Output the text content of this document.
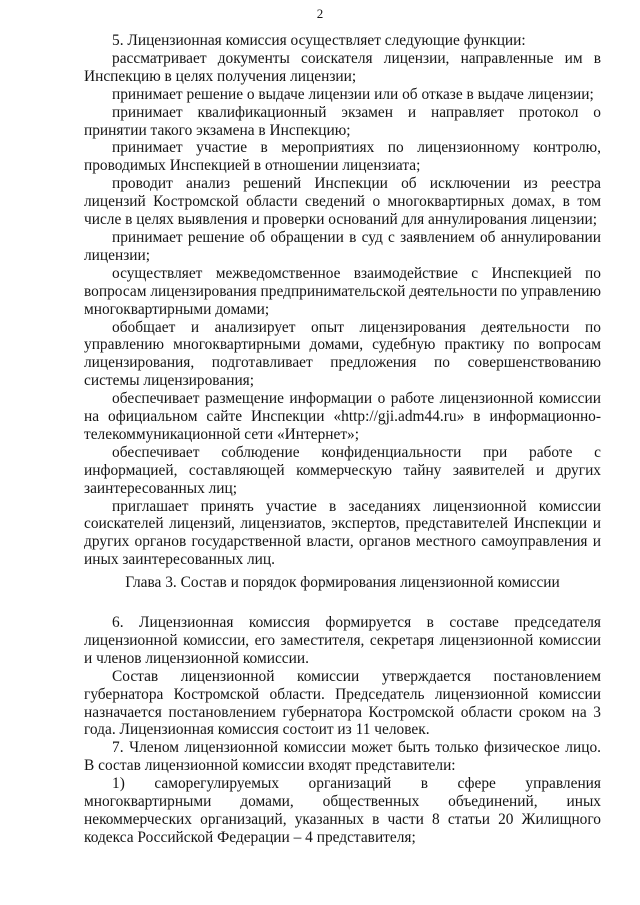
2

5. Лицензионная комиссия осуществляет следующие функции:

рассматривает документы соискателя лицензии, направленные им в Инспекцию в целях получения лицензии;

принимает решение о выдаче лицензии или об отказе в выдаче лицензии;

принимает квалификационный экзамен и направляет протокол о принятии такого экзамена в Инспекцию;

принимает участие в мероприятиях по лицензионному контролю, проводимых Инспекцией в отношении лицензиата;

проводит анализ решений Инспекции об исключении из реестра лицензий Костромской области сведений о многоквартирных домах, в том числе в целях выявления и проверки оснований для аннулирования лицензии;

принимает решение об обращении в суд с заявлением об аннулировании лицензии;

осуществляет межведомственное взаимодействие с Инспекцией по вопросам лицензирования предпринимательской деятельности по управлению многоквартирными домами;

обобщает и анализирует опыт лицензирования деятельности по управлению многоквартирными домами, судебную практику по вопросам лицензирования, подготавливает предложения по совершенствованию системы лицензирования;

обеспечивает размещение информации о работе лицензионной комиссии на официальном сайте Инспекции «http://gji.adm44.ru» в информационно-телекоммуникационной сети «Интернет»;

обеспечивает соблюдение конфиденциальности при работе с информацией, составляющей коммерческую тайну заявителей и других заинтересованных лиц;

приглашает принять участие в заседаниях лицензионной комиссии соискателей лицензий, лицензиатов, экспертов, представителей Инспекции и других органов государственной власти, органов местного самоуправления и иных заинтересованных лиц.

Глава 3. Состав и порядок формирования лицензионной комиссии

6. Лицензионная комиссия формируется в составе председателя лицензионной комиссии, его заместителя, секретаря лицензионной комиссии и членов лицензионной комиссии.

Состав лицензионной комиссии утверждается постановлением губернатора Костромской области. Председатель лицензионной комиссии назначается постановлением губернатора Костромской области сроком на 3 года. Лицензионная комиссия состоит из 11 человек.

7. Членом лицензионной комиссии может быть только физическое лицо. В состав лицензионной комиссии входят представители:

1) саморегулируемых организаций в сфере управления многоквартирными домами, общественных объединений, иных некоммерческих организаций, указанных в части 8 статьи 20 Жилищного кодекса Российской Федерации – 4 представителя;
